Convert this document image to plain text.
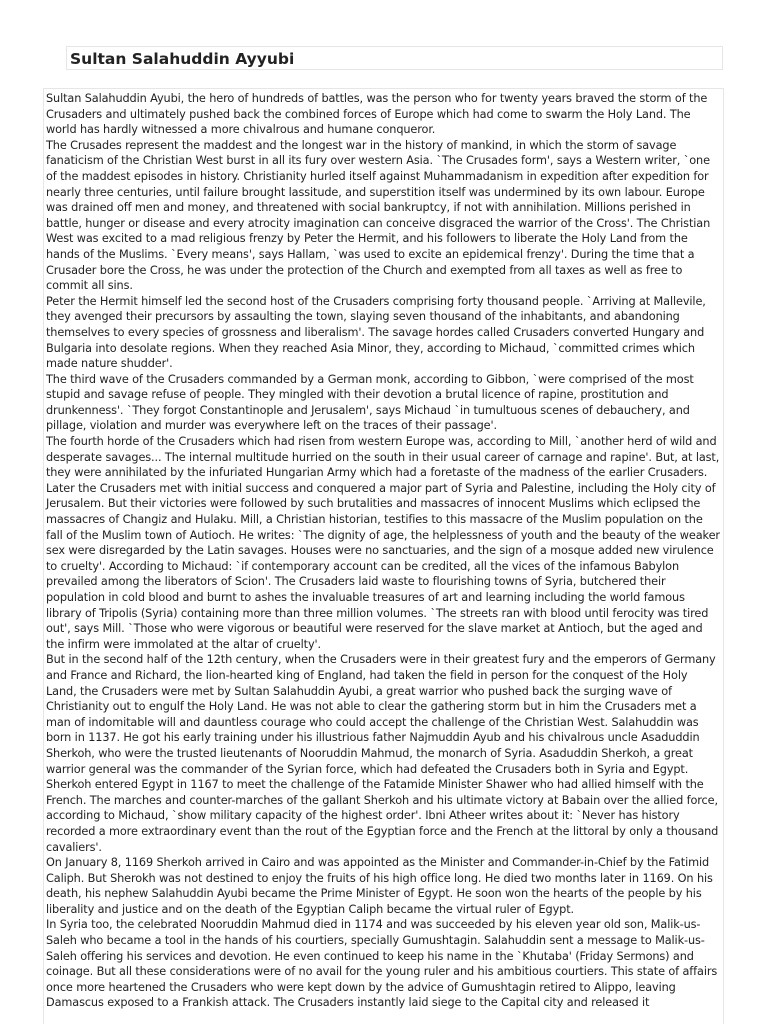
Sultan Salahuddin Ayyubi

Sultan Salahuddin Ayubi, the hero of hundreds of battles, was the person who for twenty years braved the storm of the Crusaders and ultimately pushed back the combined forces of Europe which had come to swarm the Holy Land. The world has hardly witnessed a more chivalrous and humane conqueror.

The Crusades represent the maddest and the longest war in the history of mankind, in which the storm of savage fanaticism of the Christian West burst in all its fury over western Asia. `The Crusades form', says a Western writer, `one of the maddest episodes in history. Christianity hurled itself against Muhammadanism in expedition after expedition for nearly three centuries, until failure brought lassitude, and superstition itself was undermined by its own labour. Europe was drained off men and money, and threatened with social bankruptcy, if not with annihilation. Millions perished in battle, hunger or disease and every atrocity imagination can conceive disgraced the warrior of the Cross'. The Christian West was excited to a mad religious frenzy by Peter the Hermit, and his followers to liberate the Holy Land from the hands of the Muslims. `Every means', says Hallam, `was used to excite an epidemical frenzy'. During the time that a Crusader bore the Cross, he was under the protection of the Church and exempted from all taxes as well as free to commit all sins.

Peter the Hermit himself led the second host of the Crusaders comprising forty thousand people. `Arriving at Mallevile, they avenged their precursors by assaulting the town, slaying seven thousand of the inhabitants, and abandoning themselves to every species of grossness and liberalism'. The savage hordes called Crusaders converted Hungary and Bulgaria into desolate regions. When they reached Asia Minor, they, according to Michaud, `committed crimes which made nature shudder'.

The third wave of the Crusaders commanded by a German monk, according to Gibbon, `were comprised of the most stupid and savage refuse of people. They mingled with their devotion a brutal licence of rapine, prostitution and drunkenness'. `They forgot Constantinople and Jerusalem', says Michaud `in tumultuous scenes of debauchery, and pillage, violation and murder was everywhere left on the traces of their passage'.

The fourth horde of the Crusaders which had risen from western Europe was, according to Mill, `another herd of wild and desperate savages... The internal multitude hurried on the south in their usual career of carnage and rapine'. But, at last, they were annihilated by the infuriated Hungarian Army which had a foretaste of the madness of the earlier Crusaders.

Later the Crusaders met with initial success and conquered a major part of Syria and Palestine, including the Holy city of Jerusalem. But their victories were followed by such brutalities and massacres of innocent Muslims which eclipsed the massacres of Changiz and Hulaku. Mill, a Christian historian, testifies to this massacre of the Muslim population on the fall of the Muslim town of Autioch. He writes: `The dignity of age, the helplessness of youth and the beauty of the weaker sex were disregarded by the Latin savages. Houses were no sanctuaries, and the sign of a mosque added new virulence to cruelty'. According to Michaud: `if contemporary account can be credited, all the vices of the infamous Babylon prevailed among the liberators of Scion'. The Crusaders laid waste to flourishing towns of Syria, butchered their population in cold blood and burnt to ashes the invaluable treasures of art and learning including the world famous library of Tripolis (Syria) containing more than three million volumes. `The streets ran with blood until ferocity was tired out', says Mill. `Those who were vigorous or beautiful were reserved for the slave market at Antioch, but the aged and the infirm were immolated at the altar of cruelty'.

But in the second half of the 12th century, when the Crusaders were in their greatest fury and the emperors of Germany and France and Richard, the lion-hearted king of England, had taken the field in person for the conquest of the Holy Land, the Crusaders were met by Sultan Salahuddin Ayubi, a great warrior who pushed back the surging wave of Christianity out to engulf the Holy Land. He was not able to clear the gathering storm but in him the Crusaders met a man of indomitable will and dauntless courage who could accept the challenge of the Christian West. Salahuddin was born in 1137. He got his early training under his illustrious father Najmuddin Ayub and his chivalrous uncle Asaduddin Sherkoh, who were the trusted lieutenants of Nooruddin Mahmud, the monarch of Syria. Asaduddin Sherkoh, a great warrior general was the commander of the Syrian force, which had defeated the Crusaders both in Syria and Egypt. Sherkoh entered Egypt in 1167 to meet the challenge of the Fatamide Minister Shawer who had allied himself with the French. The marches and counter-marches of the gallant Sherkoh and his ultimate victory at Babain over the allied force, according to Michaud, `show military capacity of the highest order'. Ibni Atheer writes about it: `Never has history recorded a more extraordinary event than the rout of the Egyptian force and the French at the littoral by only a thousand cavaliers'.

On January 8, 1169 Sherkoh arrived in Cairo and was appointed as the Minister and Commander-in-Chief by the Fatimid Caliph. But Sherokh was not destined to enjoy the fruits of his high office long. He died two months later in 1169. On his death, his nephew Salahuddin Ayubi became the Prime Minister of Egypt. He soon won the hearts of the people by his liberality and justice and on the death of the Egyptian Caliph became the virtual ruler of Egypt.

In Syria too, the celebrated Nooruddin Mahmud died in 1174 and was succeeded by his eleven year old son, Malik-us-Saleh who became a tool in the hands of his courtiers, specially Gumushtagin. Salahuddin sent a message to Malik-us-Saleh offering his services and devotion. He even continued to keep his name in the `Khutaba' (Friday Sermons) and coinage. But all these considerations were of no avail for the young ruler and his ambitious courtiers. This state of affairs once more heartened the Crusaders who were kept down by the advice of Gumushtagin retired to Alippo, leaving Damascus exposed to a Frankish attack. The Crusaders instantly laid siege to the Capital city and released it
